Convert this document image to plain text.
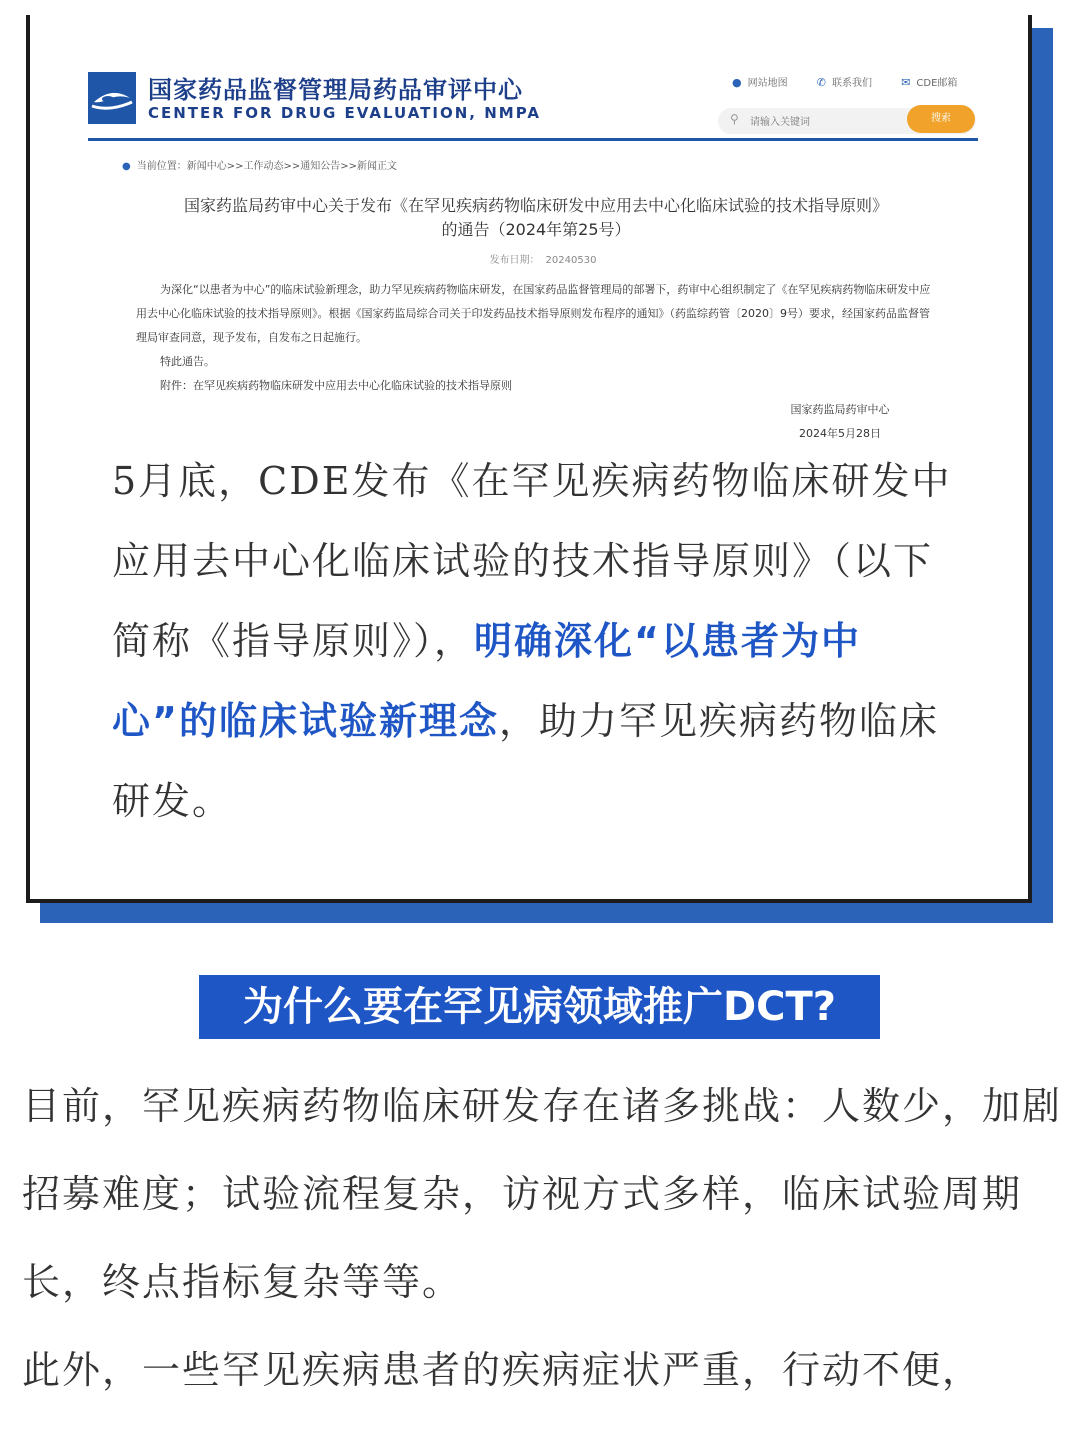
国家药品监督管理局药品审评中心
CENTER FOR DRUG EVALUATION, NMPA
● 网站地图	✆ 联系我们	✉ CDE邮箱
⚲
请输入关键词	搜索
● 当前位置：新闻中心>>工作动态>>通知公告>>新闻正文
国家药监局药审中心关于发布《在罕见疾病药物临床研发中应用去中心化临床试验的技术指导原则》
的通告（2024年第25号）
发布日期： 20240530

为深化“以患者为中心”的临床试验新理念，助力罕见疾病药物临床研发，在国家药品监督管理局的部署下，药审中心组织制定了《在罕见疾病药物临床研发中应用去中心化临床试验的技术指导原则》。根据《国家药监局综合司关于印发药品技术指导原则发布程序的通知》（药监综药管〔2020〕9号）要求，经国家药品监督管理局审查同意，现予发布，自发布之日起施行。

特此通告。

附件：在罕见疾病药物临床研发中应用去中心化临床试验的技术指导原则

国家药监局药审中心
2024年5月28日
5月底，CDE发布《在罕见疾病药物临床研发中应用去中心化临床试验的技术指导原则》（以下简称《指导原则》），明确深化“以患者为中心”的临床试验新理念，助力罕见疾病药物临床研发。
为什么要在罕见病领域推广DCT?

目前，罕见疾病药物临床研发存在诸多挑战：人数少，加剧招募难度；试验流程复杂，访视方式多样，临床试验周期长，终点指标复杂等等。

此外，一些罕见疾病患者的疾病症状严重，行动不便，
